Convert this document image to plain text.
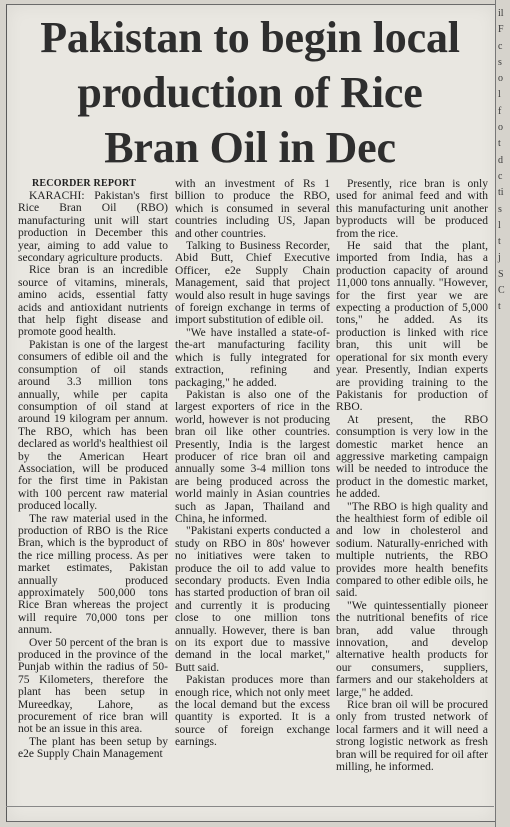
il
F
c
s
o
l
f
o
t
d
c
ti
s
l
t
j
S
C
t
Pakistan to begin local
production of Rice
Bran Oil in Dec
RECORDER REPORT

KARACHI: Pakistan's first Rice Bran Oil (RBO) manufacturing unit will start production in December this year, aiming to add value to secondary agriculture products.

Rice bran is an incredible source of vitamins, minerals, amino acids, essential fatty acids and antioxidant nutrients that help fight disease and promote good health.

Pakistan is one of the largest consumers of edible oil and the consumption of oil stands around 3.3 million tons annually, while per capita consumption of oil stand at around 19 kilogram per annum. The RBO, which has been declared as world's healthiest oil by the American Heart Association, will be produced for the first time in Pakistan with 100 percent raw material produced locally.

The raw material used in the production of RBO is the Rice Bran, which is the byproduct of the rice milling process. As per market estimates, Pakistan annually produced approximately 500,000 tons Rice Bran whereas the project will require 70,000 tons per annum.

Over 50 percent of the bran is produced in the province of the Punjab within the radius of 50-75 Kilometers, therefore the plant has been setup in Mureedkay, Lahore, as procurement of rice bran will not be an issue in this area.

The plant has been setup by e2e Supply Chain Management

with an investment of Rs 1 billion to produce the RBO, which is consumed in several countries including US, Japan and other countries.

Talking to Business Recorder, Abid Butt, Chief Executive Officer, e2e Supply Chain Management, said that project would also result in huge savings of foreign exchange in terms of import substitution of edible oil.

"We have installed a state-of-the-art manufacturing facility which is fully integrated for extraction, refining and packaging," he added.

Pakistan is also one of the largest exporters of rice in the world, however is not producing bran oil like other countries. Presently, India is the largest producer of rice bran oil and annually some 3-4 million tons are being produced across the world mainly in Asian countries such as Japan, Thailand and China, he informed.

"Pakistani experts conducted a study on RBO in 80s' however no initiatives were taken to produce the oil to add value to secondary products. Even India has started production of bran oil and currently it is producing close to one million tons annually. However, there is ban on its export due to massive demand in the local market," Butt said.

Pakistan produces more than enough rice, which not only meet the local demand but the excess quantity is exported. It is a source of foreign exchange earnings.

Presently, rice bran is only used for animal feed and with this manufacturing unit another byproducts will be produced from the rice.

He said that the plant, imported from India, has a production capacity of around 11,000 tons annually. "However, for the first year we are expecting a production of 5,000 tons," he added. As its production is linked with rice bran, this unit will be operational for six month every year. Presently, Indian experts are providing training to the Pakistanis for production of RBO.

At present, the RBO consumption is very low in the domestic market hence an aggressive marketing campaign will be needed to introduce the product in the domestic market, he added.

"The RBO is high quality and the healthiest form of edible oil and low in cholesterol and sodium. Naturally-enriched with multiple nutrients, the RBO provides more health benefits compared to other edible oils, he said.

"We quintessentially pioneer the nutritional benefits of rice bran, add value through innovation, and develop alternative health products for our consumers, suppliers, farmers and our stakeholders at large," he added.

Rice bran oil will be procured only from trusted network of local farmers and it will need a strong logistic network as fresh bran will be required for oil after milling, he informed.
